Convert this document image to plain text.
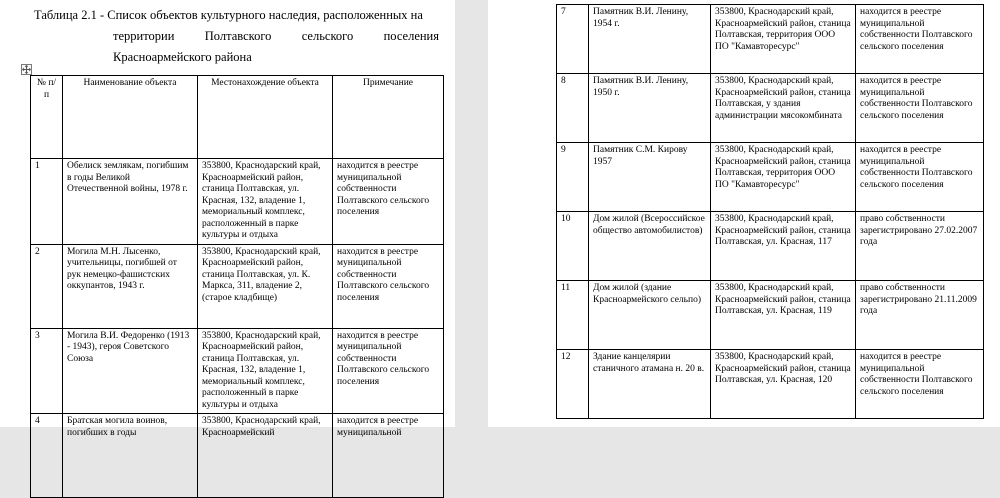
Таблица 2.1 - Список объектов культурного наследия, расположенных на
территории Полтавского сельского поселения
Красноармейского района
№ п/п	Наименование объекта	Местонахождение объекта	Примечание
1	Обелиск землякам, погибшим в годы Великой Отечественной войны, 1978 г.	353800, Краснодарский край, Красноармейский район, станица Полтавская, ул. Красная, 132, владение 1, мемориальный комплекс, расположенный в парке культуры и отдыха	находится в реестре муниципальной собственности Полтавского сельского поселения
2	Могила М.Н. Лысенко, учительницы, погибшей от рук немецко-фашистских оккупантов, 1943 г.	353800, Краснодарский край, Красноармейский район, станица Полтавская, ул. К. Маркса, 311, владение 2, (старое кладбище)	находится в реестре муниципальной собственности Полтавского сельского поселения
3	Могила В.И. Федоренко (1913 - 1943), героя Советского Союза	353800, Краснодарский край, Красноармейский район, станица Полтавская, ул. Красная, 132, владение 1, мемориальный комплекс, расположенный в парке культуры и отдыха	находится в реестре муниципальной собственности Полтавского сельского поселения
4	Братская могила воинов, погибших в годы	353800, Краснодарский край, Красноармейский	находится в реестре муниципальной
7	Памятник В.И. Ленину, 1954 г.	353800, Краснодарский край, Красноармейский район, станица Полтавская, территория ООО ПО "Камавторесурс"	находится в реестре муниципальной собственности Полтавского сельского поселения
8	Памятник В.И. Ленину, 1950 г.	353800, Краснодарский край, Красноармейский район, станица Полтавская, у здания администрации мясокомбината	находится в реестре муниципальной собственности Полтавского сельского поселения
9	Памятник С.М. Кирову 1957	353800, Краснодарский край, Красноармейский район, станица Полтавская, территория ООО ПО "Камавторесурс"	находится в реестре муниципальной собственности Полтавского сельского поселения
10	Дом жилой (Всероссийское общество автомобилистов)	353800, Краснодарский край, Красноармейский район, станица Полтавская, ул. Красная, 117	право собственности зарегистрировано 27.02.2007 года
11	Дом жилой (здание Красноармейского сельпо)	353800, Краснодарский край, Красноармейский район, станица Полтавская, ул. Красная, 119	право собственности зарегистрировано 21.11.2009 года
12	Здание канцелярии станичного атамана н. 20 в.	353800, Краснодарский край, Красноармейский район, станица Полтавская, ул. Красная, 120	находится в реестре муниципальной собственности Полтавского сельского поселения
